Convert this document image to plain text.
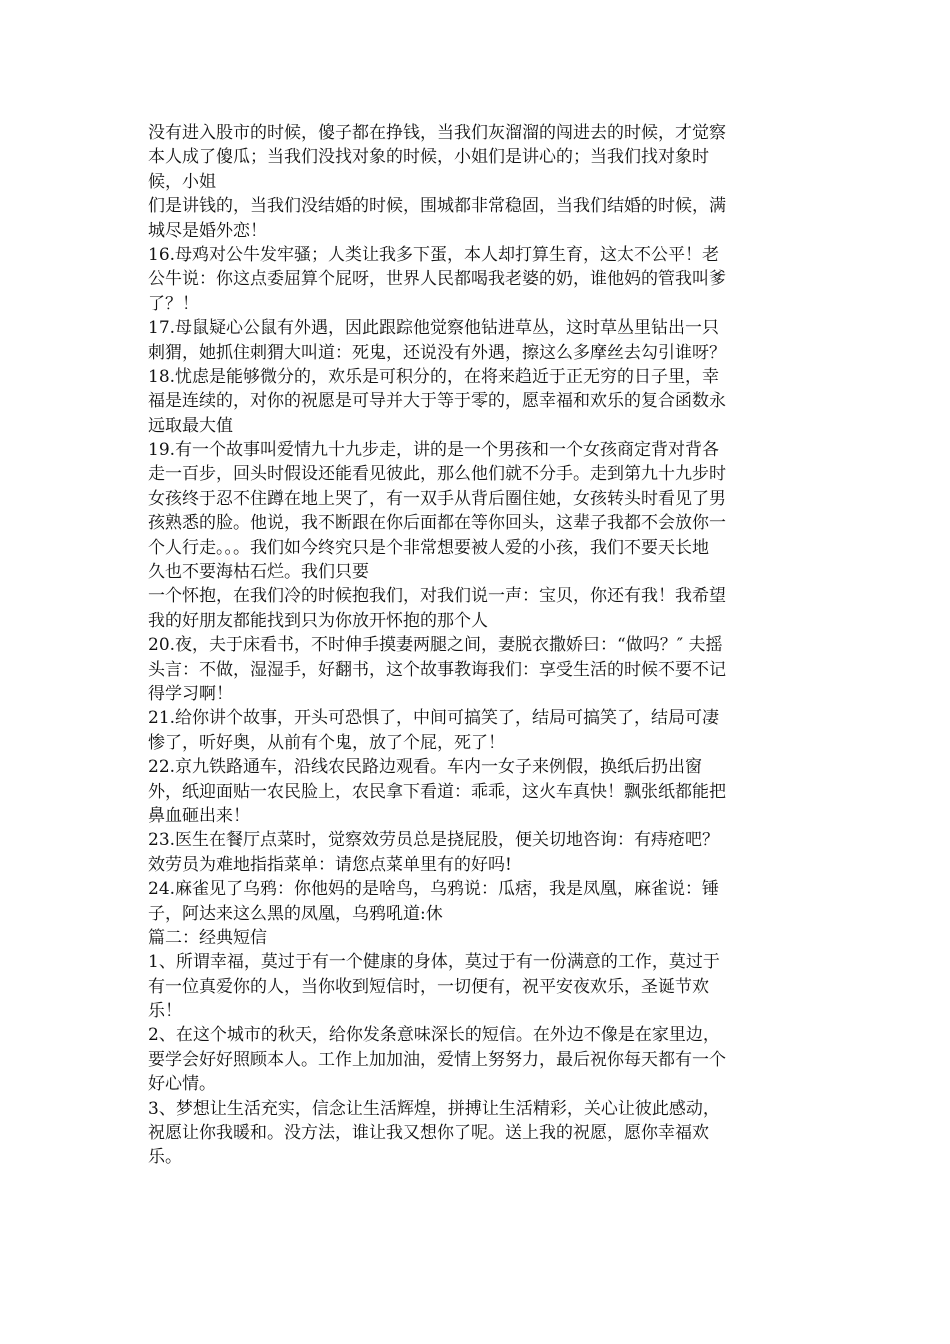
没有进入股市的时候，傻子都在挣钱，当我们灰溜溜的闯进去的时候，才觉察
本人成了傻瓜；当我们没找对象的时候，小姐们是讲心的；当我们找对象时
候，小姐
们是讲钱的，当我们没结婚的时候，围城都非常稳固，当我们结婚的时候，满
城尽是婚外恋！
16.母鸡对公牛发牢骚；人类让我多下蛋，本人却打算生育，这太不公平！老
公牛说：你这点委屈算个屁呀，世界人民都喝我老婆的奶，谁他妈的管我叫爹
了？！
17.母鼠疑心公鼠有外遇，因此跟踪他觉察他钻进草丛，这时草丛里钻出一只
刺猬，她抓住刺猬大叫道：死鬼，还说没有外遇，擦这么多摩丝去勾引谁呀？
18.忧虑是能够微分的，欢乐是可积分的，在将来趋近于正无穷的日子里，幸
福是连续的，对你的祝愿是可导并大于等于零的，愿幸福和欢乐的复合函数永
远取最大值
19.有一个故事叫爱情九十九步走，讲的是一个男孩和一个女孩商定背对背各
走一百步，回头时假设还能看见彼此，那么他们就不分手。走到第九十九步时
女孩终于忍不住蹲在地上哭了，有一双手从背后圈住她，女孩转头时看见了男
孩熟悉的脸。他说，我不断跟在你后面都在等你回头，这辈子我都不会放你一
个人行走。。。我们如今终究只是个非常想要被人爱的小孩，我们不要天长地
久也不要海枯石烂。我们只要
一个怀抱，在我们冷的时候抱我们，对我们说一声：宝贝，你还有我！我希望
我的好朋友都能找到只为你放开怀抱的那个人
20.夜，夫于床看书，不时伸手摸妻两腿之间，妻脱衣撒娇曰：“做吗？″ 夫摇
头言：不做，湿湿手，好翻书，这个故事教诲我们：享受生活的时候不要不记
得学习啊！
21.给你讲个故事，开头可恐惧了，中间可搞笑了，结局可搞笑了，结局可凄
惨了，听好奥，从前有个鬼，放了个屁，死了！
22.京九铁路通车，沿线农民路边观看。车内一女子来例假，换纸后扔出窗
外，纸迎面贴一农民脸上，农民拿下看道：乖乖，这火车真快！飘张纸都能把
鼻血砸出来！
23.医生在餐厅点菜时，觉察效劳员总是挠屁股，便关切地咨询：有痔疮吧？
效劳员为难地指指菜单：请您点菜单里有的好吗!
24.麻雀见了乌鸦：你他妈的是啥鸟，乌鸦说：瓜痞，我是凤凰，麻雀说：锤
子，阿达来这么黑的凤凰，乌鸦吼道:休
篇二：经典短信
1、所谓幸福，莫过于有一个健康的身体，莫过于有一份满意的工作，莫过于
有一位真爱你的人，当你收到短信时，一切便有，祝平安夜欢乐，圣诞节欢
乐！
2、在这个城市的秋天，给你发条意味深长的短信。在外边不像是在家里边，
要学会好好照顾本人。工作上加加油，爱情上努努力，最后祝你每天都有一个
好心情。
3、梦想让生活充实，信念让生活辉煌，拼搏让生活精彩，关心让彼此感动，
祝愿让你我暖和。没方法，谁让我又想你了呢。送上我的祝愿，愿你幸福欢
乐。
